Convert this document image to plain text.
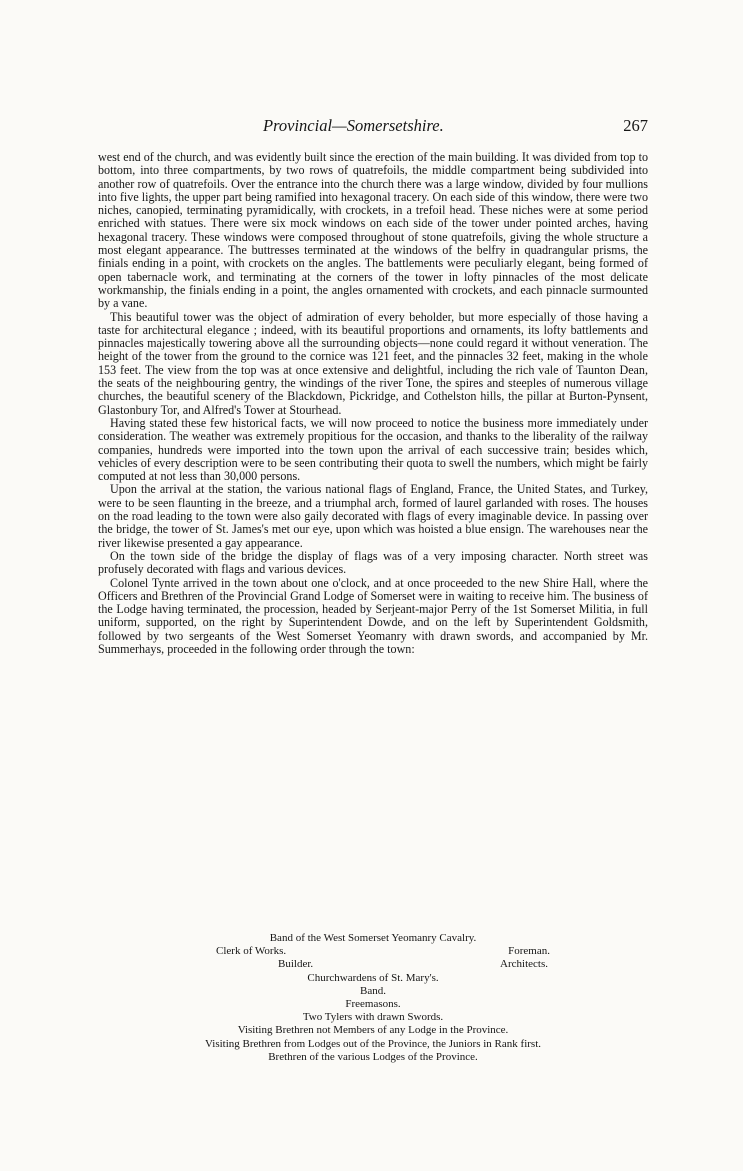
Provincial—Somersetshire.	267

west end of the church, and was evidently built since the erection of the main building. It was divided from top to bottom, into three compartments, by two rows of quatrefoils, the middle compartment being subdivided into another row of quatrefoils. Over the entrance into the church there was a large window, divided by four mullions into five lights, the upper part being ramified into hexagonal tracery. On each side of this window, there were two niches, canopied, terminating pyramidically, with crockets, in a trefoil head. These niches were at some period enriched with statues. There were six mock windows on each side of the tower under pointed arches, having hexagonal tracery. These windows were composed throughout of stone quatrefoils, giving the whole structure a most elegant appearance. The buttresses terminated at the windows of the belfry in quadrangular prisms, the finials ending in a point, with crockets on the angles. The battlements were peculiarly elegant, being formed of open tabernacle work, and terminating at the corners of the tower in lofty pinnacles of the most delicate workmanship, the finials ending in a point, the angles ornamented with crockets, and each pinnacle surmounted by a vane.

This beautiful tower was the object of admiration of every beholder, but more especially of those having a taste for architectural elegance ; indeed, with its beautiful proportions and ornaments, its lofty battlements and pinnacles majestically towering above all the surrounding objects—none could regard it without veneration. The height of the tower from the ground to the cornice was 121 feet, and the pinnacles 32 feet, making in the whole 153 feet. The view from the top was at once extensive and delightful, including the rich vale of Taunton Dean, the seats of the neighbouring gentry, the windings of the river Tone, the spires and steeples of numerous village churches, the beautiful scenery of the Blackdown, Pickridge, and Cothelston hills, the pillar at Burton-Pynsent, Glastonbury Tor, and Alfred's Tower at Stourhead.

Having stated these few historical facts, we will now proceed to notice the business more immediately under consideration. The weather was extremely propitious for the occasion, and thanks to the liberality of the railway companies, hundreds were imported into the town upon the arrival of each successive train; besides which, vehicles of every description were to be seen contributing their quota to swell the numbers, which might be fairly computed at not less than 30,000 persons.

Upon the arrival at the station, the various national flags of England, France, the United States, and Turkey, were to be seen flaunting in the breeze, and a triumphal arch, formed of laurel garlanded with roses. The houses on the road leading to the town were also gaily decorated with flags of every imaginable device. In passing over the bridge, the tower of St. James's met our eye, upon which was hoisted a blue ensign. The warehouses near the river likewise presented a gay appearance.

On the town side of the bridge the display of flags was of a very imposing character. North street was profusely decorated with flags and various devices.

Colonel Tynte arrived in the town about one o'clock, and at once proceeded to the new Shire Hall, where the Officers and Brethren of the Provincial Grand Lodge of Somerset were in waiting to receive him. The business of the Lodge having terminated, the procession, headed by Serjeant-major Perry of the 1st Somerset Militia, in full uniform, supported, on the right by Superintendent Dowde, and on the left by Superintendent Goldsmith, followed by two sergeants of the West Somerset Yeomanry with drawn swords, and accompanied by Mr. Summerhays, proceeded in the following order through the town:

Band of the West Somerset Yeomanry Cavalry.
Clerk of Works.	Foreman.
Builder.	Architects.
Churchwardens of St. Mary's.
Band.
Freemasons.
Two Tylers with drawn Swords.
Visiting Brethren not Members of any Lodge in the Province.
Visiting Brethren from Lodges out of the Province, the Juniors in Rank first.
Brethren of the various Lodges of the Province.
